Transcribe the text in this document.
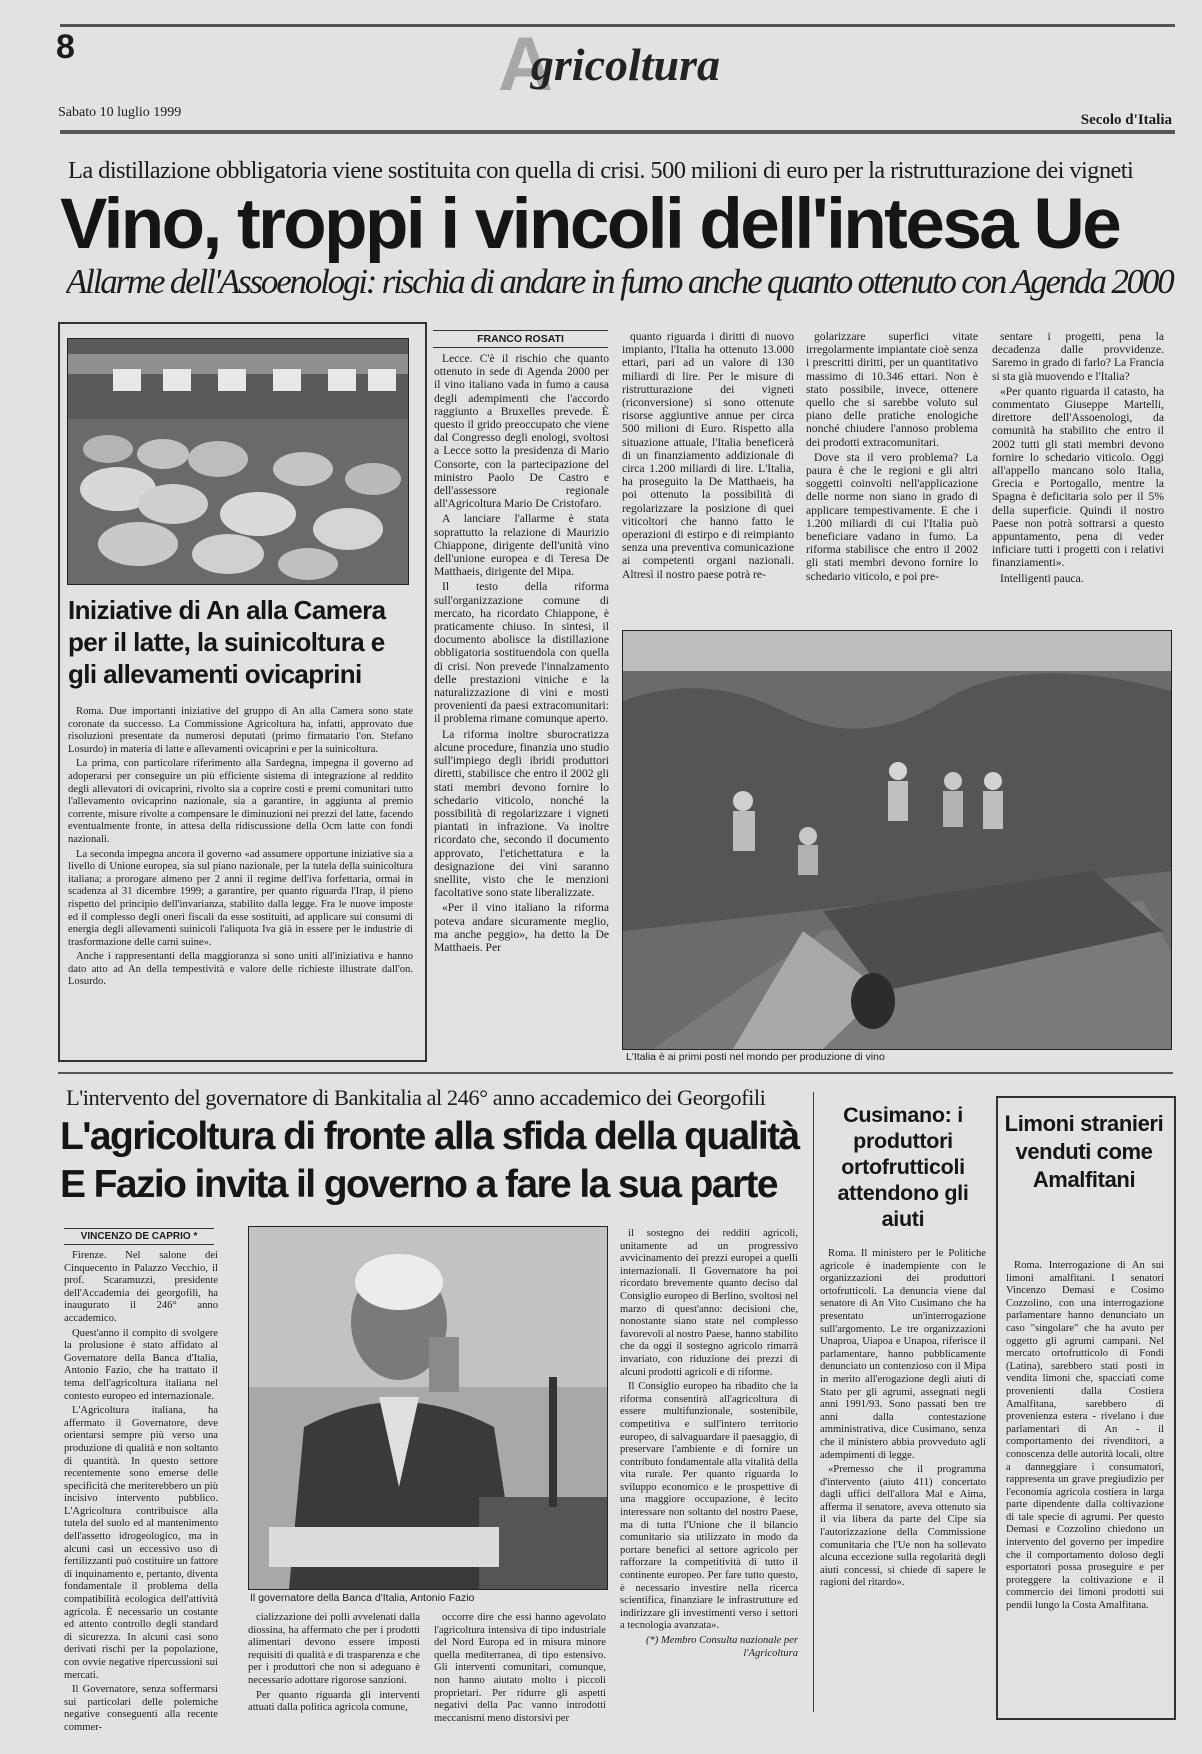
8	Agricoltura
Sabato 10 luglio 1999	Secolo d'Italia
La distillazione obbligatoria viene sostituita con quella di crisi. 500 milioni di euro per la ristrutturazione dei vigneti
Vino, troppi i vincoli dell'intesa Ue
Allarme dell'Assoenologi: rischia di andare in fumo anche quanto ottenuto con Agenda 2000
Iniziative di An alla Camera per il latte, la suinicoltura e gli allevamenti ovicaprini

Roma. Due importanti iniziative del gruppo di An alla Camera sono state coronate da successo. La Commissione Agricoltura ha, infatti, approvato due risoluzioni presentate da numerosi deputati (primo firmatario l'on. Stefano Losurdo) in materia di latte e allevamenti ovicaprini e per la suinicoltura.

La prima, con particolare riferimento alla Sardegna, impegna il governo ad adoperarsi per conseguire un più efficiente sistema di integrazione al reddito degli allevatori di ovicaprini, rivolto sia a coprire costi e premi comunitari tutto l'allevamento ovicaprino nazionale, sia a garantire, in aggiunta al premio corrente, misure rivolte a compensare le diminuzioni nei prezzi del latte, facendo eventualmente fronte, in attesa della ridiscussione della Ocm latte con fondi nazionali.

La seconda impegna ancora il governo «ad assumere opportune iniziative sia a livello di Unione europea, sia sul piano nazionale, per la tutela della suinicoltura italiana; a prorogare almeno per 2 anni il regime dell'iva forfettaria, ormai in scadenza al 31 dicembre 1999; a garantire, per quanto riguarda l'Irap, il pieno rispetto del principio dell'invarianza, stabilito dalla legge. Fra le nuove imposte ed il complesso degli oneri fiscali da esse sostituiti, ad applicare sui consumi di energia degli allevamenti suinicoli l'aliquota Iva già in essere per le industrie di trasformazione delle carni suine».

Anche i rappresentanti della maggioranza si sono uniti all'iniziativa e hanno dato atto ad An della tempestività e valore delle richieste illustrate dall'on. Losurdo.

FRANCO ROSATI

Lecce. C'è il rischio che quanto ottenuto in sede di Agenda 2000 per il vino italiano vada in fumo a causa degli adempimenti che l'accordo raggiunto a Bruxelles prevede. È questo il grido preoccupato che viene dal Congresso degli enologi, svoltosi a Lecce sotto la presidenza di Mario Consorte, con la partecipazione del ministro Paolo De Castro e dell'assessore regionale all'Agricoltura Mario De Cristofaro.

A lanciare l'allarme è stata soprattutto la relazione di Maurizio Chiappone, dirigente dell'unità vino dell'unione europea e di Teresa De Matthaeis, dirigente del Mipa.

Il testo della riforma sull'organizzazione comune di mercato, ha ricordato Chiappone, è praticamente chiuso. In sintesi, il documento abolisce la distillazione obbligatoria sostituendola con quella di crisi. Non prevede l'innalzamento delle prestazioni viniche e la naturalizzazione di vini e mosti provenienti da paesi extracomunitari: il problema rimane comunque aperto.

La riforma inoltre sburocratizza alcune procedure, finanzia uno studio sull'impiego degli ibridi produttori diretti, stabilisce che entro il 2002 gli stati membri devono fornire lo schedario viticolo, nonché la possibilità di regolarizzare i vigneti piantati in infrazione. Va inoltre ricordato che, secondo il documento approvato, l'etichettatura e la designazione dei vini saranno snellite, visto che le menzioni facoltative sono state liberalizzate.

«Per il vino italiano la riforma poteva andare sicuramente meglio, ma anche peggio», ha detto la De Matthaeis. Per

quanto riguarda i diritti di nuovo impianto, l'Italia ha ottenuto 13.000 ettari, pari ad un valore di 130 miliardi di lire. Per le misure di ristrutturazione dei vigneti (riconversione) si sono ottenute risorse aggiuntive annue per circa 500 milioni di Euro. Rispetto alla situazione attuale, l'Italia beneficerà di un finanziamento addizionale di circa 1.200 miliardi di lire. L'Italia, ha proseguito la De Matthaeis, ha poi ottenuto la possibilità di regolarizzare la posizione di quei viticoltori che hanno fatto le operazioni di estirpo e di reimpianto senza una preventiva comunicazione ai competenti organi nazionali. Altresì il nostro paese potrà re-

golarizzare superfici vitate irregolarmente impiantate cioè senza i prescritti diritti, per un quantitativo massimo di 10.346 ettari. Non è stato possibile, invece, ottenere quello che si sarebbe voluto sul piano delle pratiche enologiche nonché chiudere l'annoso problema dei prodotti extracomunitari.

Dove sta il vero problema? La paura è che le regioni e gli altri soggetti coinvolti nell'applicazione delle norme non siano in grado di applicare tempestivamente. E che i 1.200 miliardi di cui l'Italia può beneficiare vadano in fumo. La riforma stabilisce che entro il 2002 gli stati membri devono fornire lo schedario viticolo, e poi pre-

sentare i progetti, pena la decadenza dalle provvidenze. Saremo in grado di farlo? La Francia si sta già muovendo e l'Italia?

«Per quanto riguarda il catasto, ha commentato Giuseppe Martelli, direttore dell'Assoenologi, da comunità ha stabilito che entro il 2002 tutti gli stati membri devono fornire lo schedario viticolo. Oggi all'appello mancano solo Italia, Grecia e Portogallo, mentre la Spagna è deficitaria solo per il 5% della superficie. Quindi il nostro Paese non potrà sottrarsi a questo appuntamento, pena di veder inficiare tutti i progetti con i relativi finanziamenti».

Intelligenti pauca.

L'Italia è ai primi posti nel mondo per produzione di vino
L'intervento del governatore di Bankitalia al 246° anno accademico dei Georgofili
L'agricoltura di fronte alla sfida della qualità
E Fazio invita il governo a fare la sua parte
VINCENZO DE CAPRIO *

Firenze. Nel salone dei Cinquecento in Palazzo Vecchio, il prof. Scaramuzzi, presidente dell'Accademia dei georgofili, ha inaugurato il 246° anno accademico.

Quest'anno il compito di svolgere la prolusione è stato affidato al Governatore della Banca d'Italia, Antonio Fazio, che ha trattato il tema dell'agricoltura italiana nel contesto europeo ed internazionale.

L'Agricoltura italiana, ha affermato il Governatore, deve orientarsi sempre più verso una produzione di qualità e non soltanto di quantità. In questo settore recentemente sono emerse delle specificità che meriterebbero un più incisivo intervento pubblico. L'Agricoltura contribuisce alla tutela del suolo ed al mantenimento dell'assetto idrogeologico, ma in alcuni casi un eccessivo uso di fertilizzanti può costituire un fattore di inquinamento e, pertanto, diventa fondamentale il problema della compatibilità ecologica dell'attività agricola. È necessario un costante ed attento controllo degli standard di sicurezza. In alcuni casi sono derivati rischi per la popolazione, con ovvie negative ripercussioni sui mercati.

Il Governatore, senza soffermarsi sui particolari delle polemiche negative conseguenti alla recente commer-

Il governatore della Banca d'Italia, Antonio Fazio

cializzazione dei polli avvelenati dalla diossina, ha affermato che per i prodotti alimentari devono essere imposti requisiti di qualità e di trasparenza e che per i produttori che non si adeguano è necessario adottare rigorose sanzioni.

Per quanto riguarda gli interventi attuati dalla politica agricola comune,

occorre dire che essi hanno agevolato l'agricoltura intensiva di tipo industriale del Nord Europa ed in misura minore quella mediterranea, di tipo estensivo. Gli interventi comunitari, comunque, non hanno aiutato molto i piccoli proprietari. Per ridurre gli aspetti negativi della Pac vanno introdotti meccanismi meno distorsivi per

il sostegno dei redditi agricoli, unitamente ad un progressivo avvicinamento dei prezzi europei a quelli internazionali. Il Governatore ha poi ricordato brevemente quanto deciso dal Consiglio europeo di Berlino, svoltosi nel marzo di quest'anno: decisioni che, nonostante siano state nel complesso favorevoli al nostro Paese, hanno stabilito che da oggi il sostegno agricolo rimarrà invariato, con riduzione dei prezzi di alcuni prodotti agricoli e di riforme.

Il Consiglio europeo ha ribadito che la riforma consentirà all'agricoltura di essere multifunzionale, sostenibile, competitiva e sull'intero territorio europeo, di salvaguardare il paesaggio, di preservare l'ambiente e di fornire un contributo fondamentale alla vitalità della vita rurale. Per quanto riguarda lo sviluppo economico e le prospettive di una maggiore occupazione, è lecito interessare non soltanto del nostro Paese, ma di tutta l'Unione che il bilancio comunitario sia utilizzato in modo da portare benefici al settore agricolo per rafforzare la competitività di tutto il continente europeo. Per fare tutto questo, è necessario investire nella ricerca scientifica, finanziare le infrastrutture ed indirizzare gli investimenti verso i settori a tecnologia avanzata».

(*) Membro Consulta nazionale per l'Agricoltura

Cusimano: i produttori ortofrutticoli attendono gli aiuti

Roma. Il ministero per le Politiche agricole è inadempiente con le organizzazioni dei produttori ortofrutticoli. La denuncia viene dal senatore di An Vito Cusimano che ha presentato un'interrogazione sull'argomento. Le tre organizzazioni Unaproa, Uiapoa e Unapoa, riferisce il parlamentare, hanno pubblicamente denunciato un contenzioso con il Mipa in merito all'erogazione degli aiuti di Stato per gli agrumi, assegnati negli anni 1991/93. Sono passati ben tre anni dalla contestazione amministrativa, dice Cusimano, senza che il ministero abbia provveduto agli adempimenti di legge.

«Premesso che il programma d'intervento (aiuto 411) concertato dagli uffici dell'allora Mal e Aima, afferma il senatore, aveva ottenuto sia il via libera da parte del Cipe sia l'autorizzazione della Commissione comunitaria che l'Ue non ha sollevato alcuna eccezione sulla regolarità degli aiuti concessi, si chiede di sapere le ragioni del ritardo».

Limoni stranieri venduti come Amalfitani

Roma. Interrogazione di An sui limoni amalfitani. I senatori Vincenzo Demasi e Cosimo Cozzolino, con una interrogazione parlamentare hanno denunciato un caso "singolare" che ha avuto per oggetto gli agrumi campani. Nel mercato ortofrutticolo di Fondi (Latina), sarebbero stati posti in vendita limoni che, spacciati come provenienti dalla Costiera Amalfitana, sarebbero di provenienza estera - rivelano i due parlamentari di An - il comportamento dei rivenditori, a conoscenza delle autorità locali, oltre a danneggiare i consumatori, rappresenta un grave pregiudizio per l'economia agricola costiera in larga parte dipendente dalla coltivazione di tale specie di agrumi. Per questo Demasi e Cozzolino chiedono un intervento del governo per impedire che il comportamento doloso degli esportatori possa proseguire e per proteggere la coltivazione e il commercio dei limoni prodotti sui pendii lungo la Costa Amalfitana.
